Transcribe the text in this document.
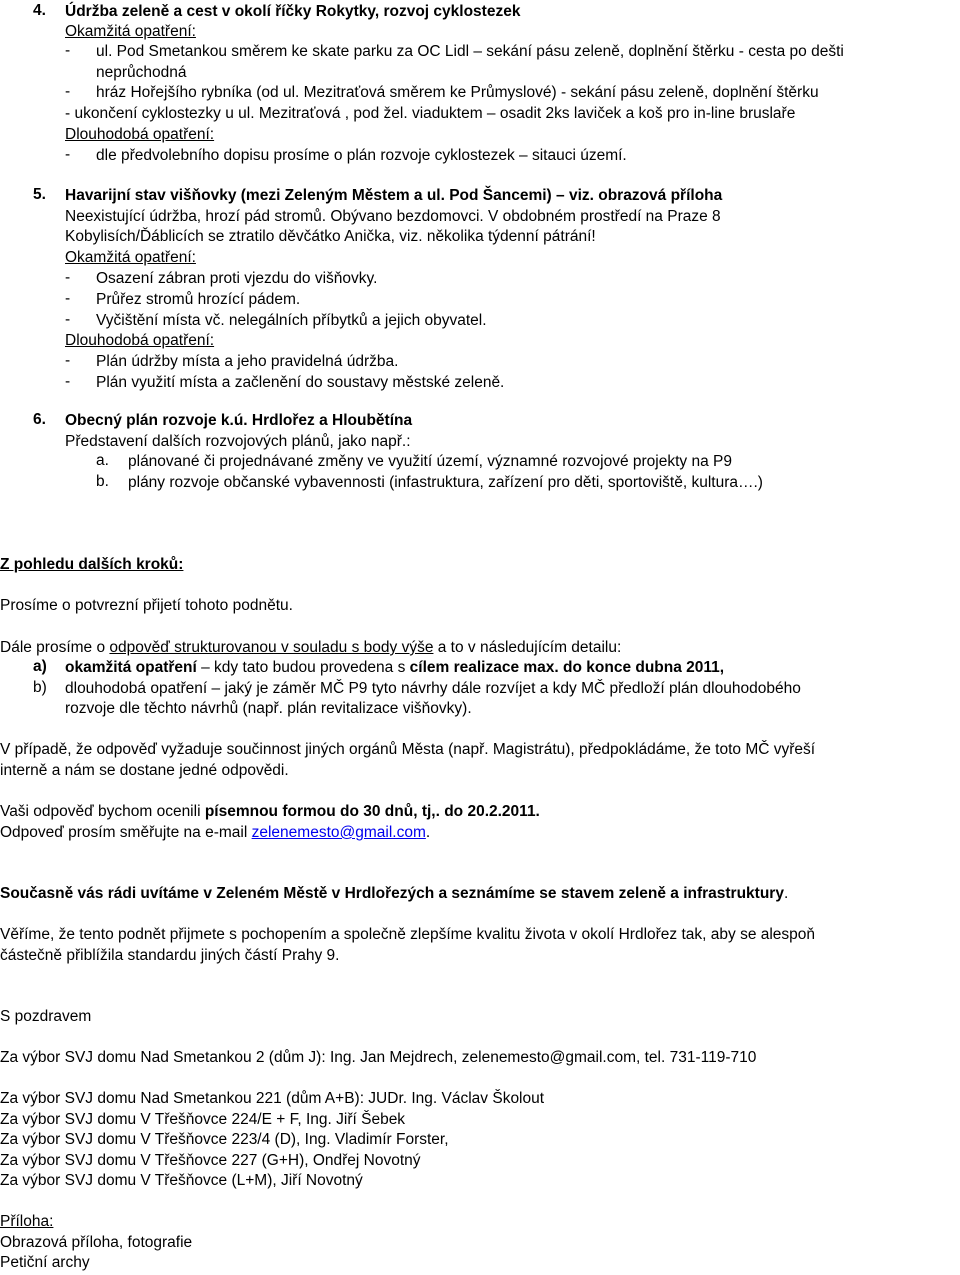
4. Údržba zeleně a cest v okolí říčky Rokytky, rozvoj cyklostezek
Okamžitá opatření:
- ul. Pod Smetankou směrem ke skate parku za OC Lidl – sekání pásu zeleně, doplnění štěrku - cesta po dešti
neprůchodná
- hráz Hořejšího rybníka (od ul. Mezitraťová směrem ke Průmyslové) - sekání pásu zeleně, doplnění štěrku
- ukončení cyklostezky u ul. Mezitraťová , pod žel. viaduktem – osadit 2ks laviček a koš pro in-line bruslaře
Dlouhodobá opatření:
- dle předvolebního dopisu prosíme o plán rozvoje cyklostezek – sitauci území.
5. Havarijní stav višňovky (mezi Zeleným Městem a ul. Pod Šancemi) – viz. obrazová příloha
Neexistující údržba, hrozí pád stromů. Obývano bezdomovci. V obdobném prostředí na Praze 8
Kobylisích/Ďáblicích se ztratilo děvčátko Anička, viz. několika týdenní pátrání!
Okamžitá opatření:
- Osazení zábran proti vjezdu do višňovky.
- Průřez stromů hrozící pádem.
- Vyčištění místa vč. nelegálních příbytků a jejich obyvatel.
Dlouhodobá opatření:
- Plán údržby místa a jeho pravidelná údržba.
- Plán využití místa a začlenění do soustavy městské zeleně.
6. Obecný plán rozvoje k.ú. Hrdlořez a Hloubětína
Představení dalších rozvojových plánů, jako např.:
a. plánované či projednávané změny ve využití území, významné rozvojové projekty na P9
b. plány rozvoje občanské vybavennosti (infastruktura, zařízení pro děti, sportoviště, kultura….)
Z pohledu dalších kroků:
Prosíme o potvrezní přijetí tohoto podnětu.
Dále prosíme o odpověď strukturovanou v souladu s body výše a to v následujícím detailu:
a) okamžitá opatření – kdy tato budou provedena s cílem realizace max. do konce dubna 2011,
b) dlouhodobá opatření – jaký je záměr MČ P9 tyto návrhy dále rozvíjet a kdy MČ předloží plán dlouhodobého
rozvoje dle těchto návrhů (např. plán revitalizace višňovky).
V případě, že odpověď vyžaduje součinnost jiných orgánů Města (např. Magistrátu), předpokládáme, že toto MČ vyřeší
interně a nám se dostane jedné odpovědi.
Vaši odpověď bychom ocenili písemnou formou do 30 dnů, tj,. do 20.2.2011.
Odpoveď prosím směřujte na e-mail zelenemesto@gmail.com.
Současně vás rádi uvítáme v Zeleném Městě v Hrdlořezých a seznámíme se stavem zeleně a infrastruktury.
Věříme, že tento podnět přijmete s pochopením a společně zlepšíme kvalitu života v okolí Hrdlořez tak, aby se alespoň
částečně přiblížila standardu jiných částí Prahy 9.
S pozdravem
Za výbor SVJ domu Nad Smetankou 2 (dům J): Ing. Jan Mejdrech, zelenemesto@gmail.com, tel. 731-119-710
Za výbor SVJ domu Nad Smetankou 221 (dům A+B): JUDr. Ing. Václav Školout
Za výbor SVJ domu V Třešňovce 224/E + F, Ing. Jiří Šebek
Za výbor SVJ domu V Třešňovce 223/4 (D), Ing. Vladimír Forster,
Za výbor SVJ domu V Třešňovce 227 (G+H), Ondřej Novotný
Za výbor SVJ domu V Třešňovce (L+M), Jiří Novotný
Příloha:
Obrazová příloha, fotografie
Petiční archy
